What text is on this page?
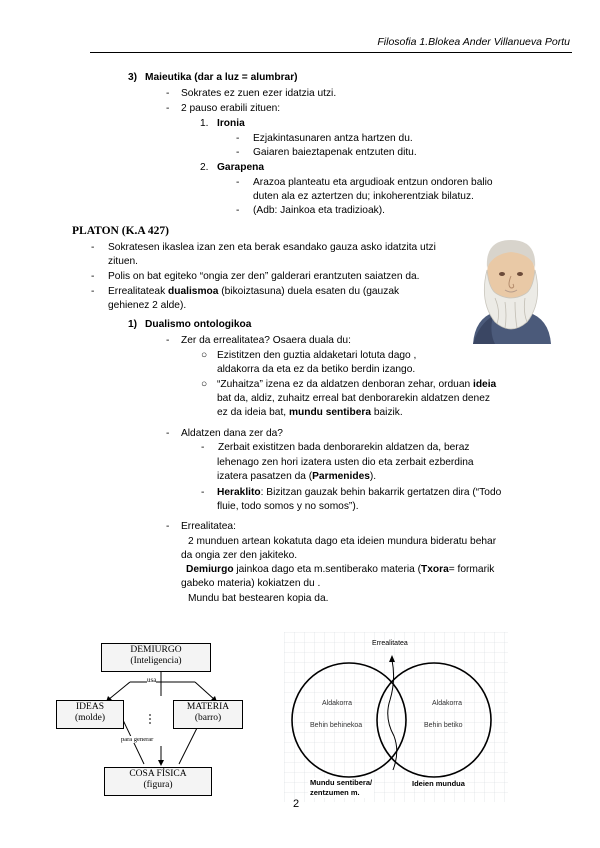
Filosofia 1.Blokea Ander Villanueva Portu
3) Maieutika (dar a luz = alumbrar)
- Sokrates ez zuen ezer idatzia utzi.
- 2 pauso erabili zituen:
1. Ironia
- Ezjakintasunaren antza hartzen du.
- Gaiaren baieztapenak entzuten ditu.
2. Garapena
- Arazoa planteatu eta argudioak entzun ondoren balio
duten ala ez aztertzen du; inkoherentziak bilatuz.
- (Adb: Jainkoa eta tradizioak).
PLATON (K.A 427)
- Sokratesen ikaslea izan zen eta berak esandako gauza asko idatzita utzi
zituen.
- Polis on bat egiteko “ongia zer den” galderari erantzuten saiatzen da.
- Errealitateak dualismoa (bikoiztasuna) duela esaten du (gauzak
gehienez 2 alde).
1) Dualismo ontologikoa
- Zer da errealitatea? Osaera duala du:
○ Ezistitzen den guztia aldaketari lotuta dago ,
aldakorra da eta ez da betiko berdin izango.
○ “Zuhaitza” izena ez da aldatzen denboran zehar, orduan ideia
bat da, aldiz, zuhaitz erreal bat denborarekin aldatzen denez
ez da ideia bat, mundu sentibera baizik.
- Aldatzen dana zer da?
- Zerbait existitzen bada denborarekin aldatzen da, beraz
lehenago zen hori izatera usten dio eta zerbait ezberdina
izatera pasatzen da (Parmenides).
- Heraklito: Bizitzan gauzak behin bakarrik gertatzen dira (“Todo
fluie, todo somos y no somos”).
- Errealitatea:
2 munduen artean kokatuta dago eta ideien mundura bideratu behar
da ongia zer den jakiteko.
Demiurgo jainkoa dago eta m.sentiberako materia (Txora= formarik
gabeko materia) kokiatzen du .
Mundu bat bestearen kopia da.
DEMIURGO
(Inteligencia)
usa
IDEAS
(molde)
MATERIA
(barro)
para generar
COSA FÍSICA
(figura)
Errealitatea
Aldakorra
Behin behinekoa
Aldakorra
Behin betiko
Mundu sentibera/
zentzumen m.
Ideien mundua
2
